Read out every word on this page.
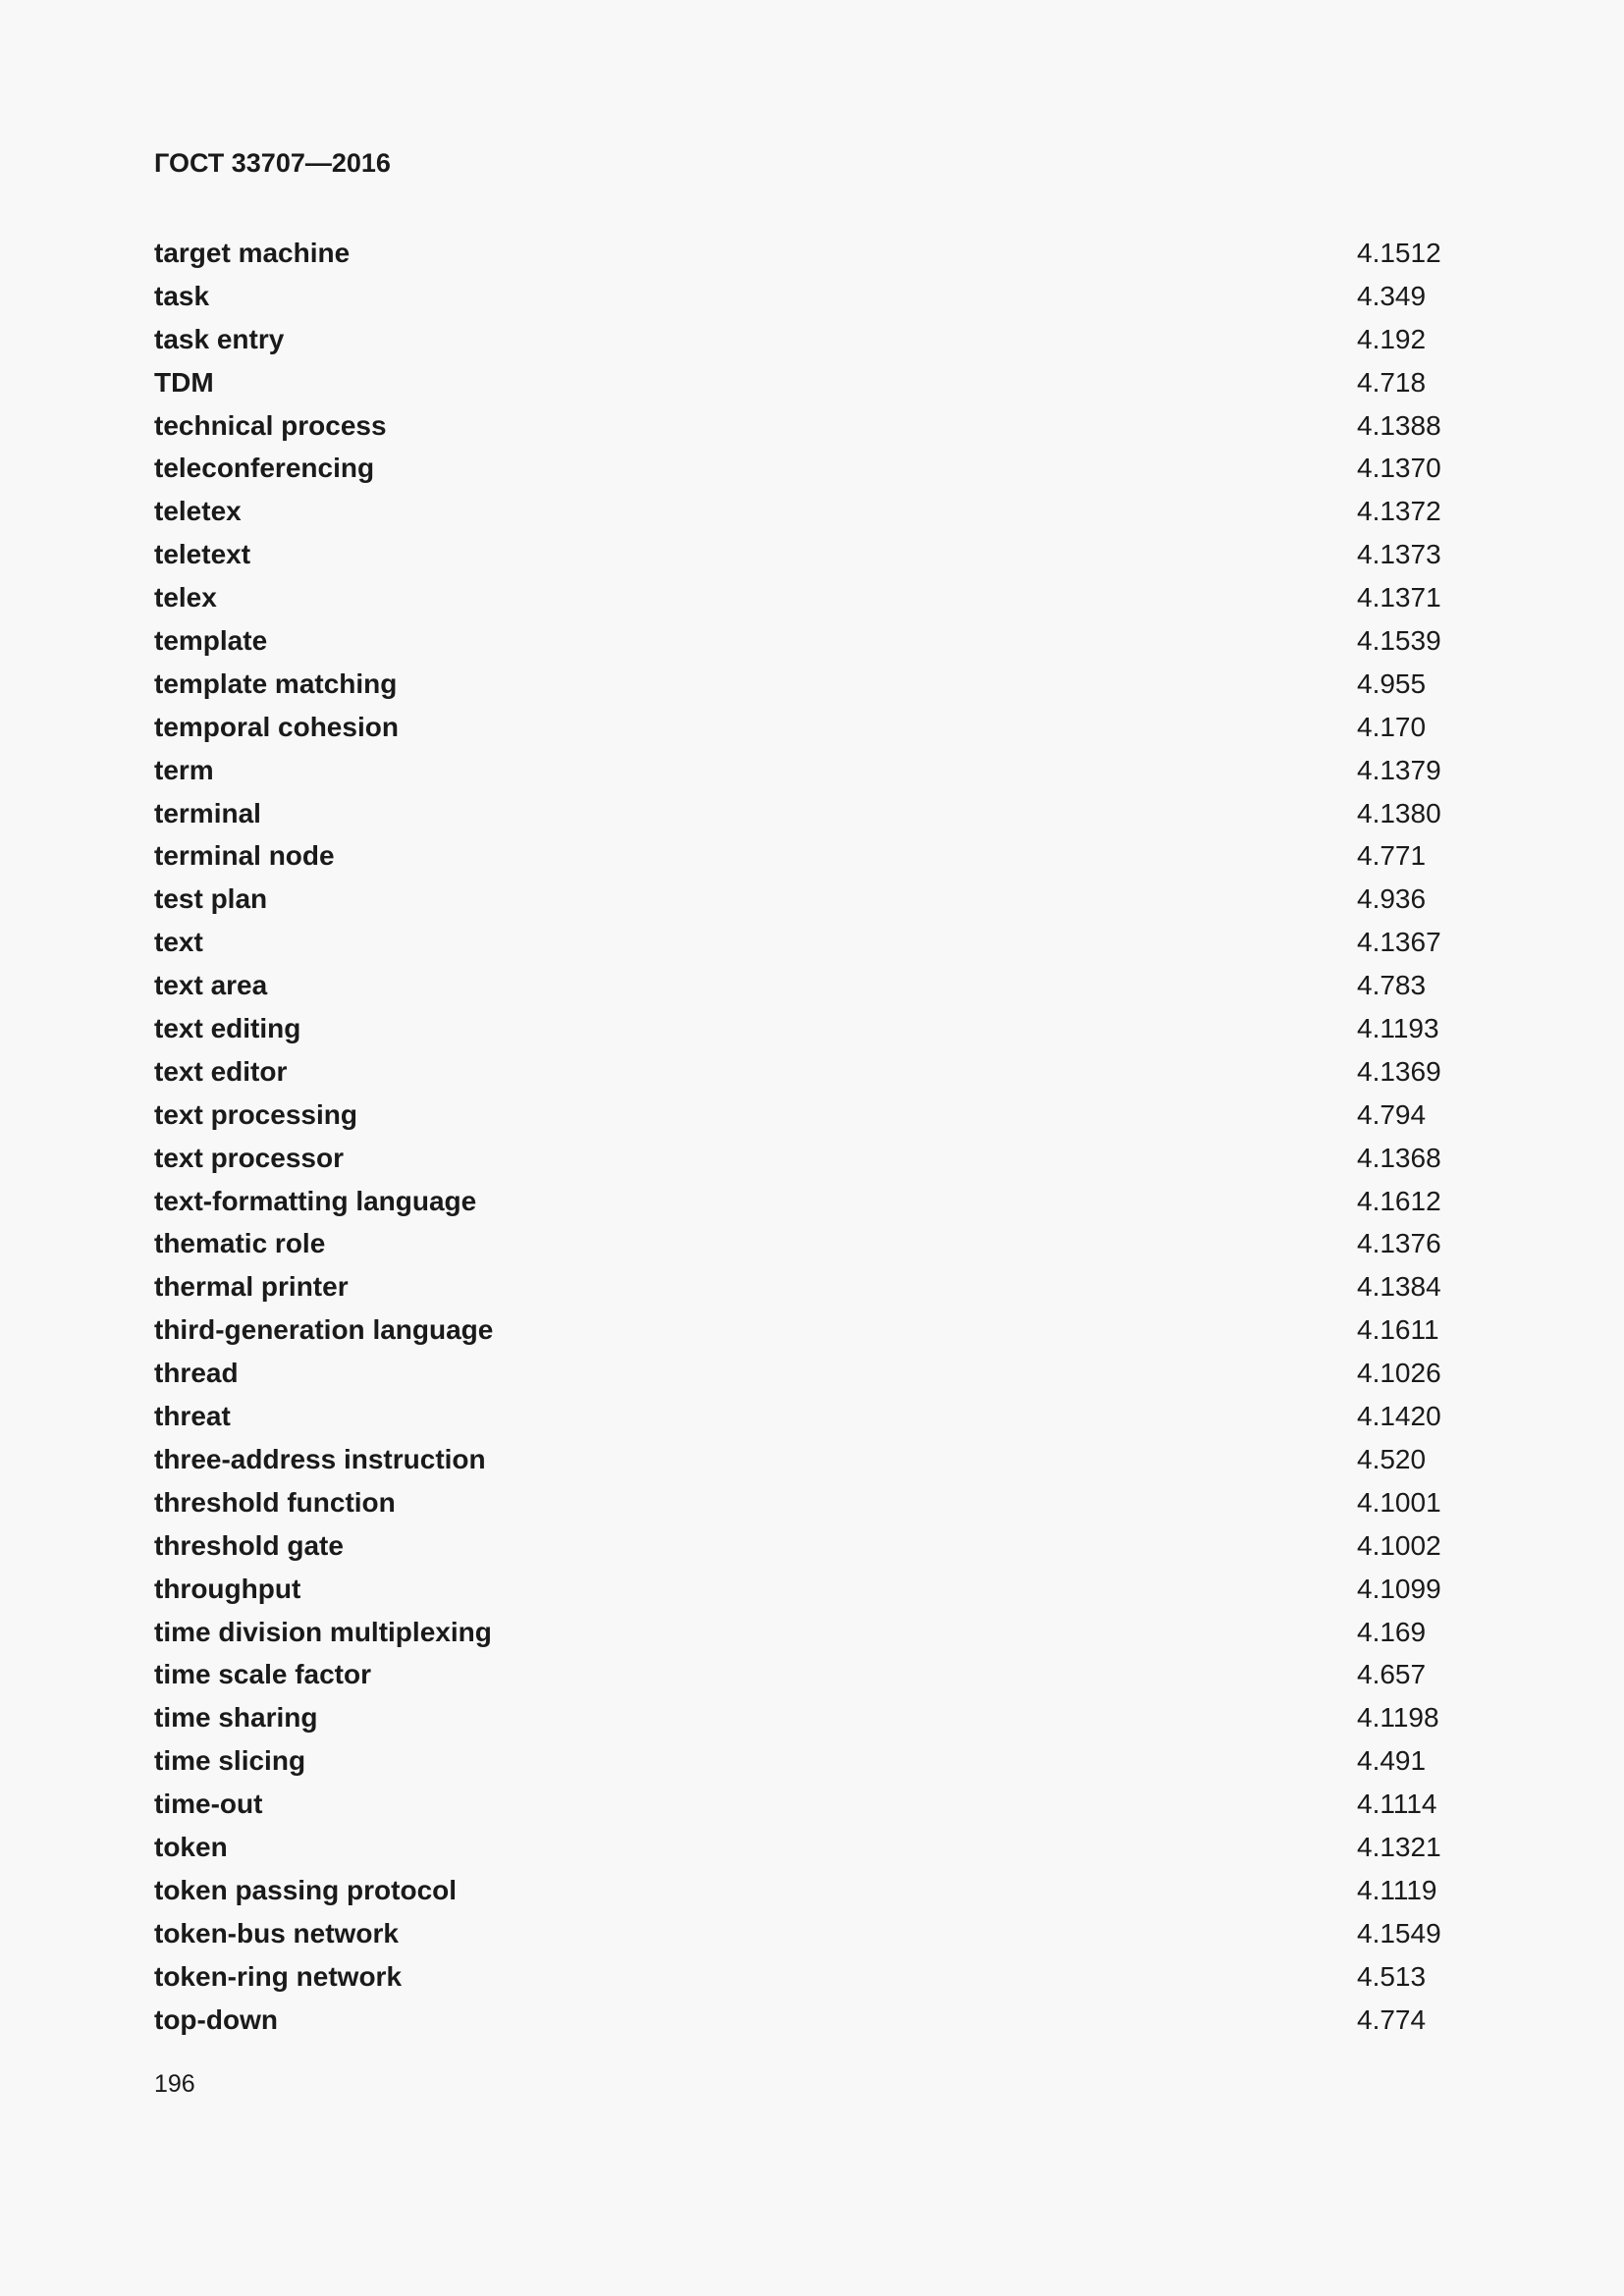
ГОСТ 33707—2016
target machine	4.1512
task	4.349
task entry	4.192
TDM	4.718
technical process	4.1388
teleconferencing	4.1370
teletex	4.1372
teletext	4.1373
telex	4.1371
template	4.1539
template matching	4.955
temporal cohesion	4.170
term	4.1379
terminal	4.1380
terminal node	4.771
test plan	4.936
text	4.1367
text area	4.783
text editing	4.1193
text editor	4.1369
text processing	4.794
text processor	4.1368
text-formatting language	4.1612
thematic role	4.1376
thermal printer	4.1384
third-generation language	4.1611
thread	4.1026
threat	4.1420
three-address instruction	4.520
threshold function	4.1001
threshold gate	4.1002
throughput	4.1099
time division multiplexing	4.169
time scale factor	4.657
time sharing	4.1198
time slicing	4.491
time-out	4.1114
token	4.1321
token passing protocol	4.1119
token-bus network	4.1549
token-ring network	4.513
top-down	4.774
196
